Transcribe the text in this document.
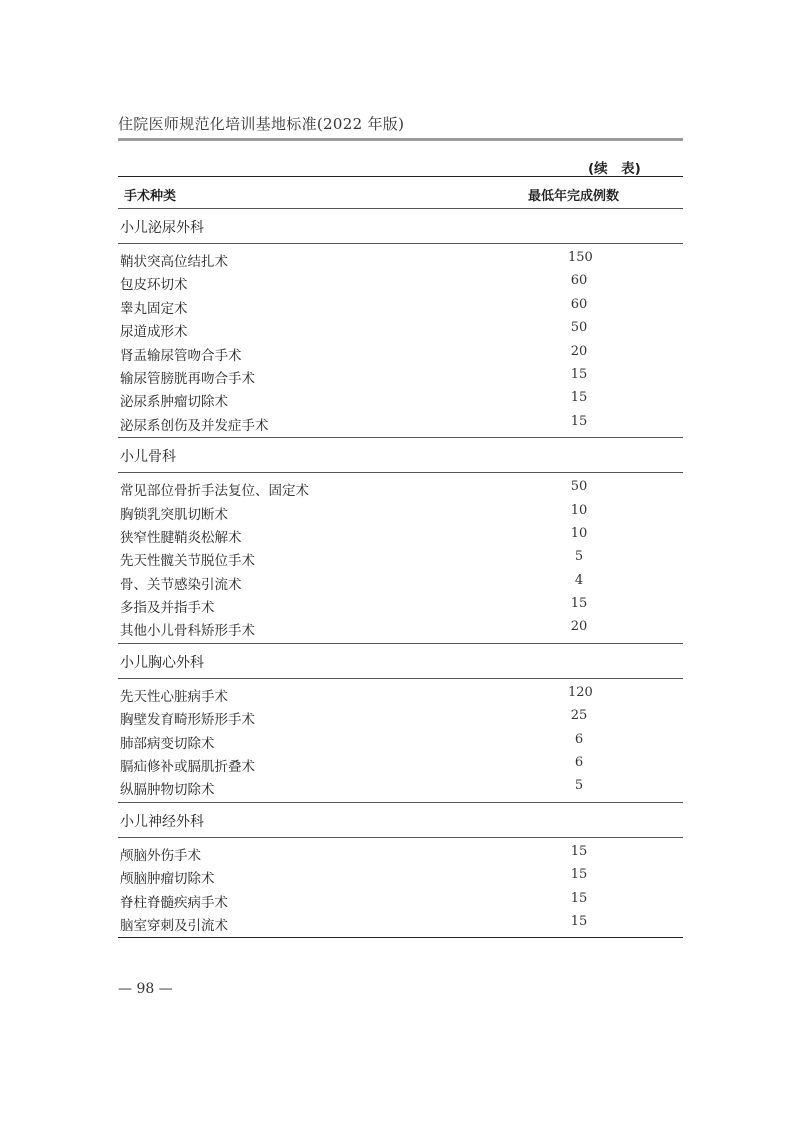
住院医师规范化培训基地标准(2022 年版)
(续　表)
手术种类	最低年完成例数
小儿泌尿外科
鞘状突高位结扎术	150
包皮环切术	60
睾丸固定术	60
尿道成形术	50
肾盂输尿管吻合手术	20
输尿管膀胱再吻合手术	15
泌尿系肿瘤切除术	15
泌尿系创伤及并发症手术	15
小儿骨科
常见部位骨折手法复位、固定术	50
胸锁乳突肌切断术	10
狭窄性腱鞘炎松解术	10
先天性髋关节脱位手术	5
骨、关节感染引流术	4
多指及并指手术	15
其他小儿骨科矫形手术	20
小儿胸心外科
先天性心脏病手术	120
胸壁发育畸形矫形手术	25
肺部病变切除术	6
膈疝修补或膈肌折叠术	6
纵膈肿物切除术	5
小儿神经外科
颅脑外伤手术	15
颅脑肿瘤切除术	15
脊柱脊髓疾病手术	15
脑室穿刺及引流术	15
— 98 —
